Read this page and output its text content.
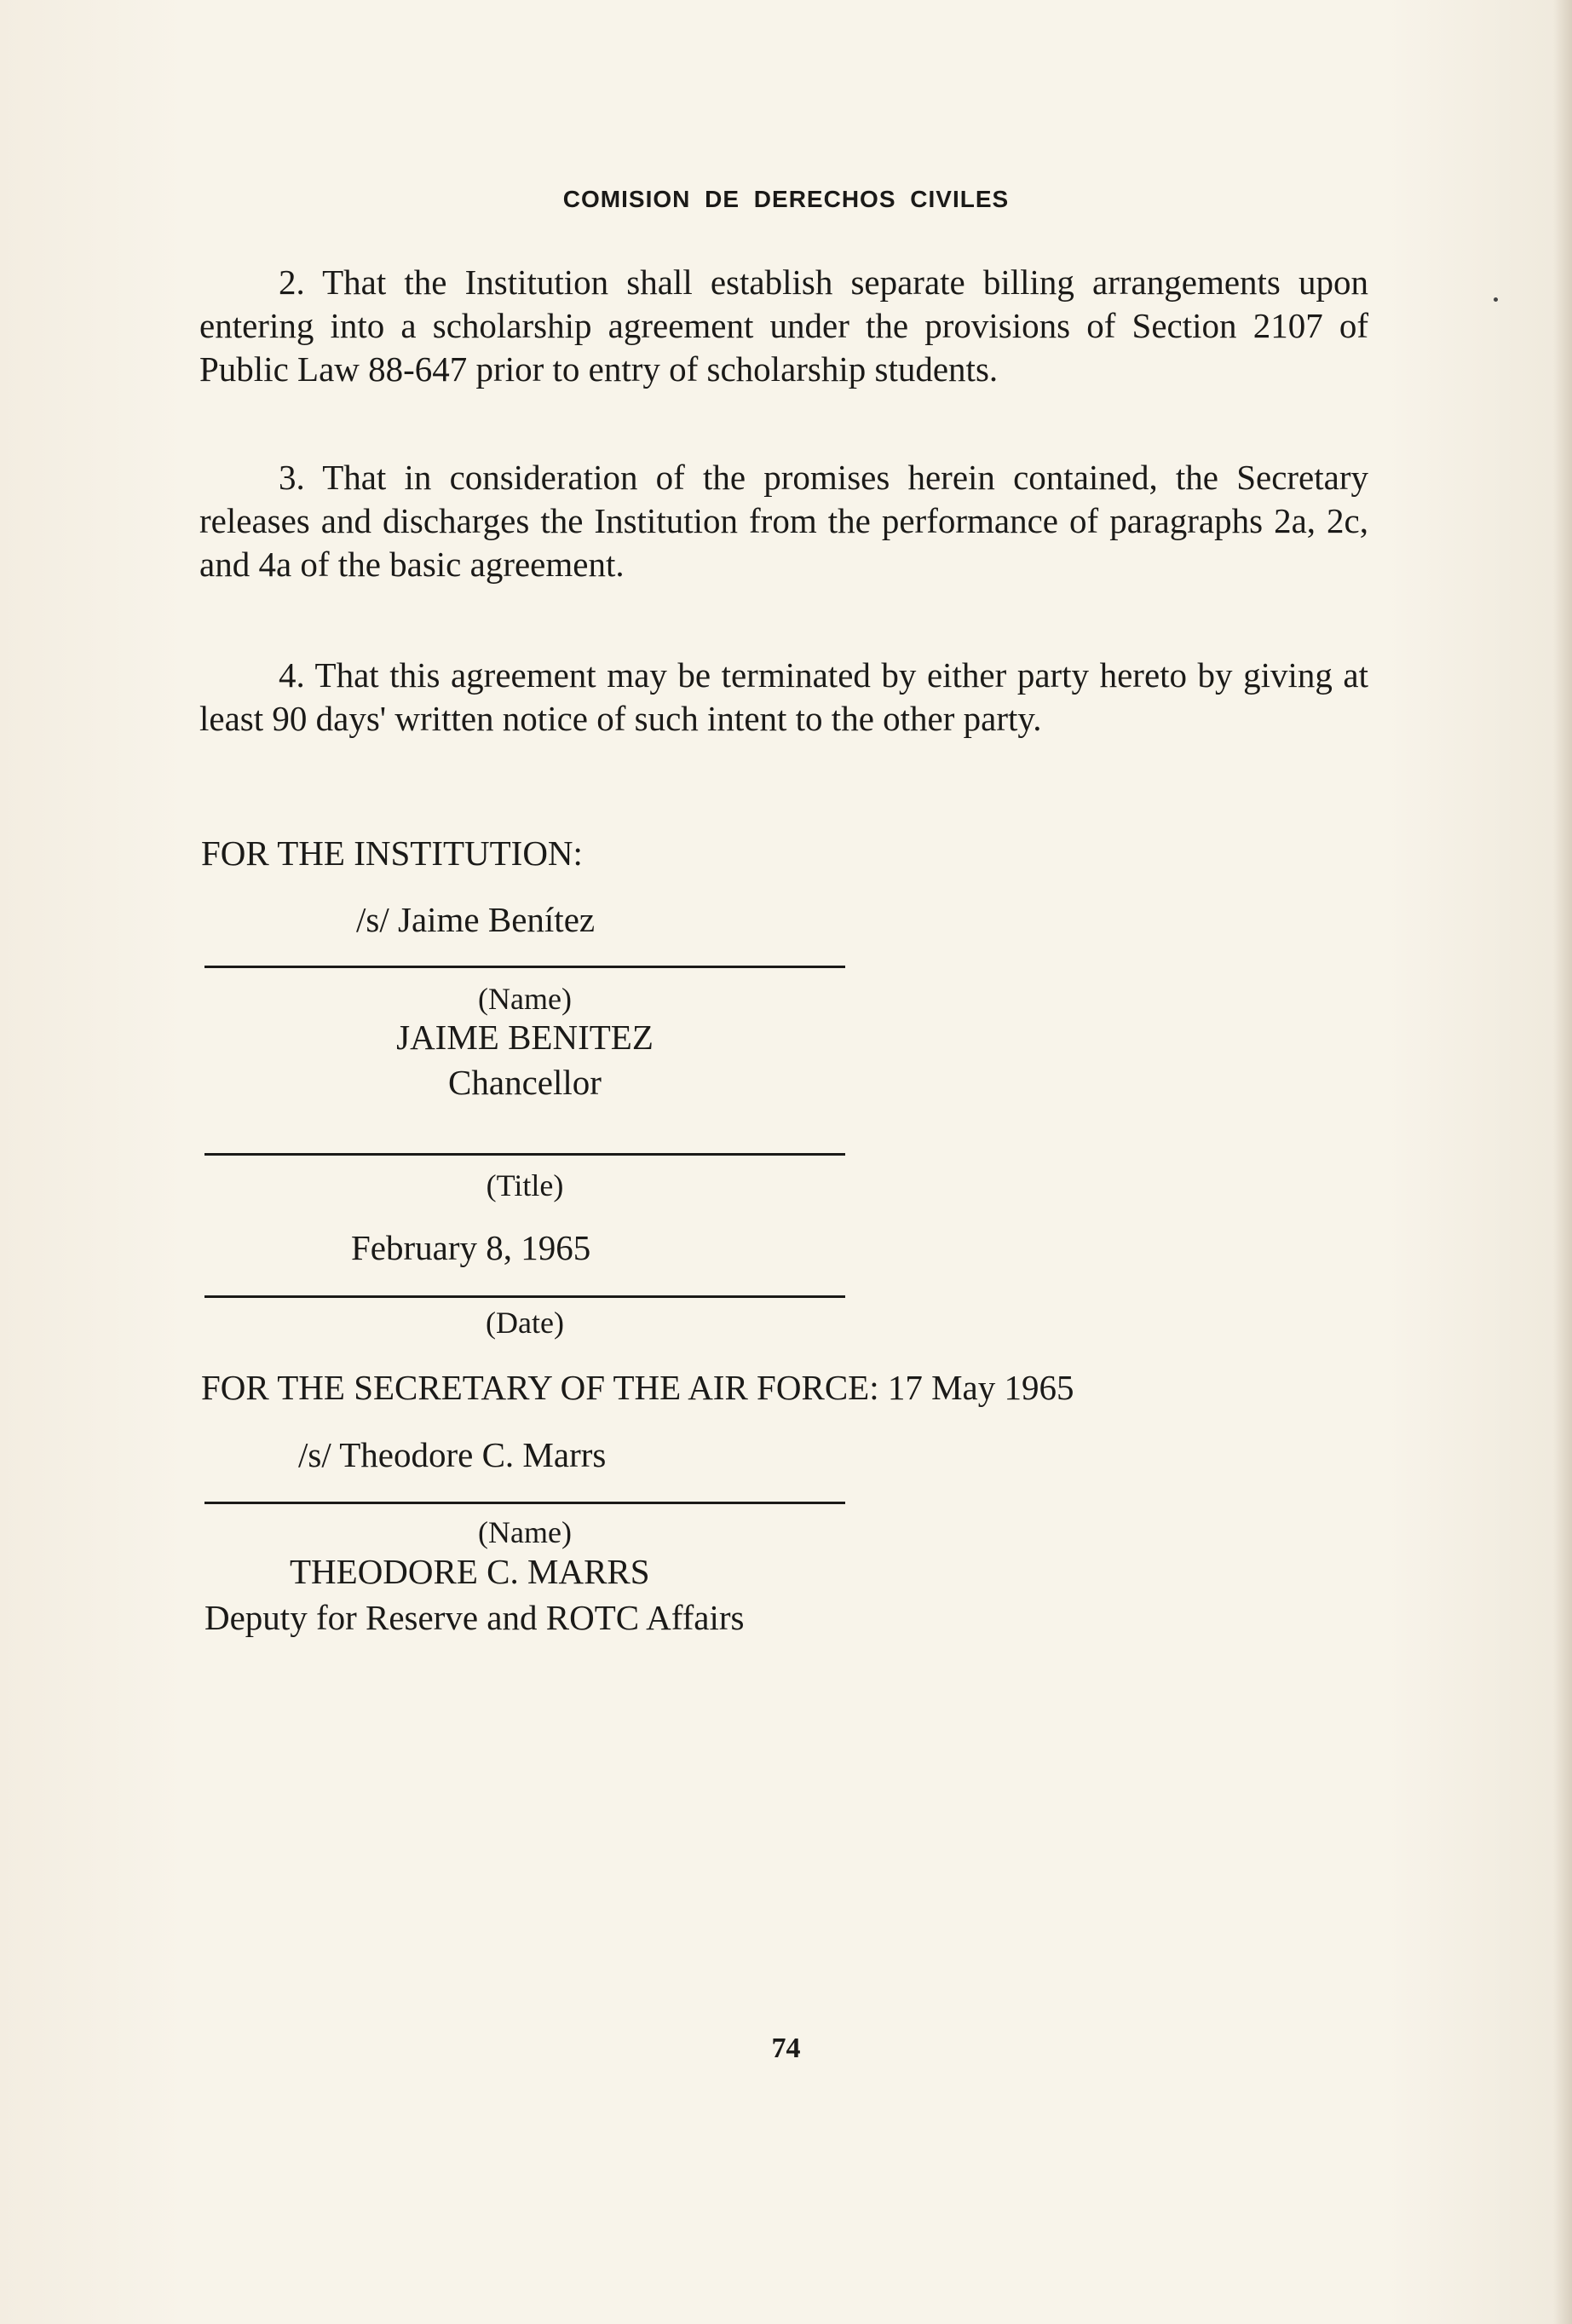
COMISION DE DERECHOS CIVILES

2. That the Institution shall establish separate billing arrangements upon entering into a scholarship agreement under the provisions of Section 2107 of Public Law 88-647 prior to entry of scholarship students.

3. That in consideration of the promises herein contained, the Secretary releases and discharges the Institution from the performance of paragraphs 2a, 2c, and 4a of the basic agreement.

4. That this agreement may be terminated by either party hereto by giving at least 90 days' written notice of such intent to the other party.

FOR THE INSTITUTION:
/s/ Jaime Benítez
(Name)
JAIME BENITEZ
Chancellor
(Title)
February 8, 1965
(Date)
FOR THE SECRETARY OF THE AIR FORCE: 17 May 1965
/s/ Theodore C. Marrs
(Name)
THEODORE C. MARRS
Deputy for Reserve and ROTC Affairs
74
